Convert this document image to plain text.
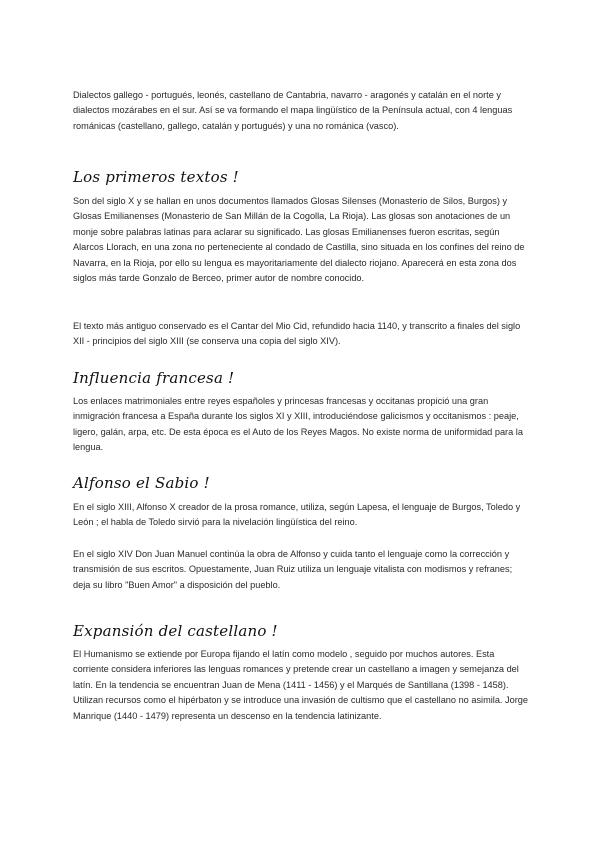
Dialectos gallego - portugués, leonés, castellano de Cantabria, navarro - aragonés y catalán en el norte y dialectos mozárabes en el sur. Así se va formando el mapa lingüístico de la Península actual, con 4 lenguas románicas (castellano, gallego, catalán y portugués) y una no románica (vasco).

Los primeros textos !

Son del siglo X y se hallan en unos documentos llamados Glosas Silenses (Monasterio de Silos, Burgos) y Glosas Emilianenses (Monasterio de San Millán de la Cogolla, La Rioja). Las glosas son anotaciones de un monje sobre palabras latinas para aclarar su significado. Las glosas Emilianenses fueron escritas, según Alarcos Llorach, en una zona no perteneciente al condado de Castilla, sino situada en los confines del reino de Navarra, en la Rioja, por ello su lengua es mayoritariamente del dialecto riojano. Aparecerá en esta zona dos siglos más tarde Gonzalo de Berceo, primer autor de nombre conocido.

El texto más antiguo conservado es el Cantar del Mio Cid, refundido hacia 1140, y transcrito a finales del siglo XII - principios del siglo XIII (se conserva una copia del siglo XIV).

Influencia francesa !

Los enlaces matrimoniales entre reyes españoles y princesas francesas y occitanas propició una gran inmigración francesa a España durante los siglos XI y XIII, introduciéndose galicismos y occitanismos : peaje, ligero, galán, arpa, etc. De esta época es el Auto de los Reyes Magos. No existe norma de uniformidad para la lengua.

Alfonso el Sabio !

En el siglo XIII, Alfonso X creador de la prosa romance, utiliza, según Lapesa, el lenguaje de Burgos, Toledo y León ; el habla de Toledo sirvió para la nivelación lingüística del reino.

En el siglo XIV Don Juan Manuel continúa la obra de Alfonso y cuida tanto el lenguaje como la corrección y transmisión de sus escritos. Opuestamente, Juan Ruiz utiliza un lenguaje vitalista con modismos y refranes; deja su libro "Buen Amor" a disposición del pueblo.

Expansión del castellano !

El Humanismo se extiende por Europa fijando el latín como modelo , seguido por muchos autores. Esta corriente considera inferiores las lenguas romances y pretende crear un castellano a imagen y semejanza del latín. En la tendencia se encuentran Juan de Mena (1411 - 1456) y el Marqués de Santillana (1398 - 1458). Utilizan recursos como el hipérbaton y se introduce una invasión de cultismo que el castellano no asimila. Jorge Manrique (1440 - 1479) representa un descenso en la tendencia latinizante.
